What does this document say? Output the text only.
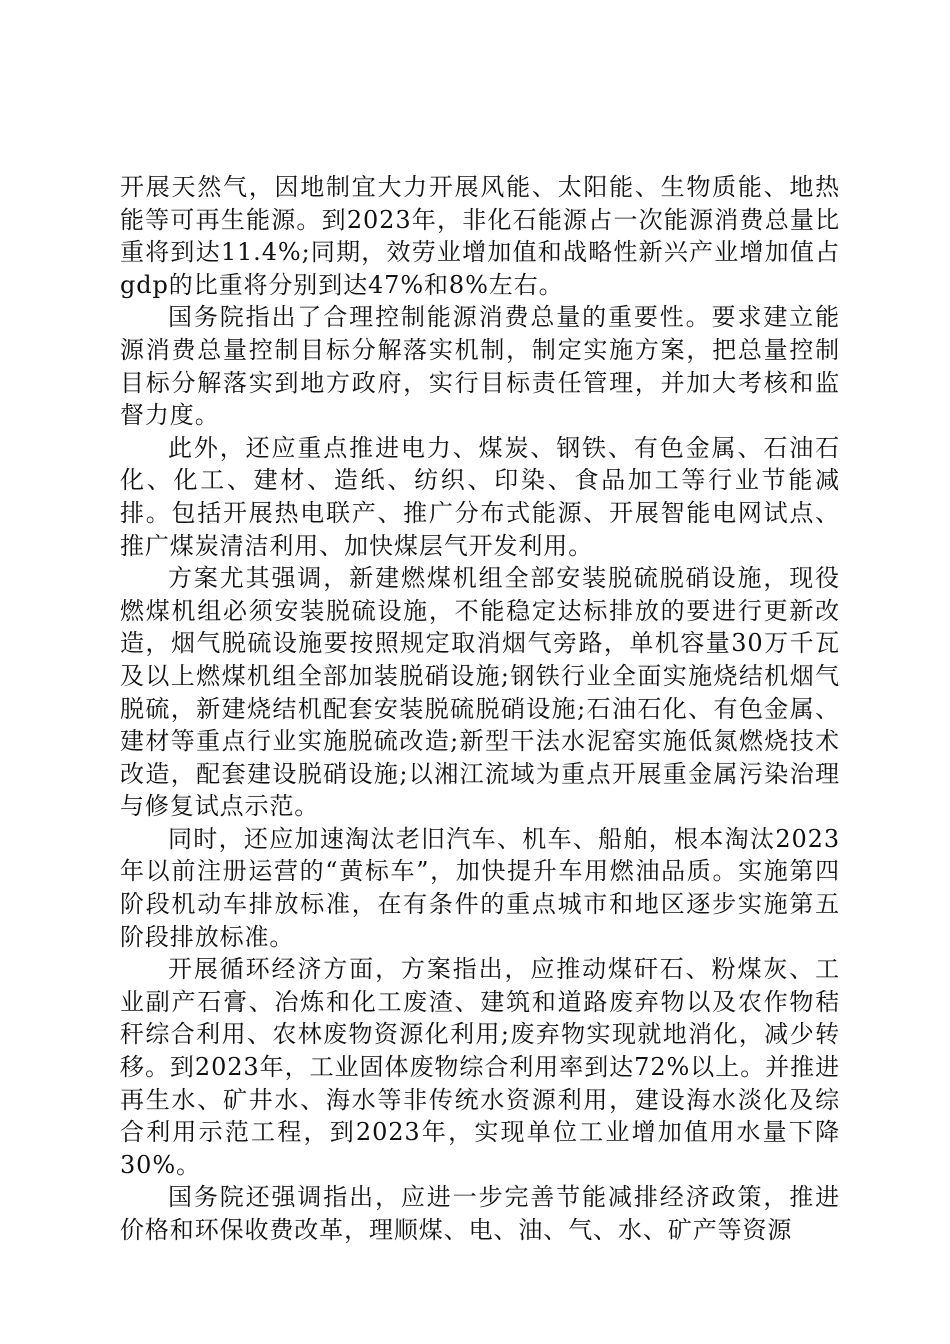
开展天然气，因地制宜大力开展风能、太阳能、生物质能、地热能等可再生能源。到2023年，非化石能源占一次能源消费总量比重将到达11.4%;同期，效劳业增加值和战略性新兴产业增加值占gdp的比重将分别到达47%和8%左右。

国务院指出了合理控制能源消费总量的重要性。要求建立能源消费总量控制目标分解落实机制，制定实施方案，把总量控制目标分解落实到地方政府，实行目标责任管理，并加大考核和监督力度。

此外，还应重点推进电力、煤炭、钢铁、有色金属、石油石化、化工、建材、造纸、纺织、印染、食品加工等行业节能减排。包括开展热电联产、推广分布式能源、开展智能电网试点、推广煤炭清洁利用、加快煤层气开发利用。

方案尤其强调，新建燃煤机组全部安装脱硫脱硝设施，现役燃煤机组必须安装脱硫设施，不能稳定达标排放的要进行更新改造，烟气脱硫设施要按照规定取消烟气旁路，单机容量30万千瓦及以上燃煤机组全部加装脱硝设施;钢铁行业全面实施烧结机烟气脱硫，新建烧结机配套安装脱硫脱硝设施;石油石化、有色金属、建材等重点行业实施脱硫改造;新型干法水泥窑实施低氮燃烧技术改造，配套建设脱硝设施;以湘江流域为重点开展重金属污染治理与修复试点示范。

同时，还应加速淘汰老旧汽车、机车、船舶，根本淘汰2023年以前注册运营的“黄标车”，加快提升车用燃油品质。实施第四阶段机动车排放标准，在有条件的重点城市和地区逐步实施第五阶段排放标准。

开展循环经济方面，方案指出，应推动煤矸石、粉煤灰、工业副产石膏、冶炼和化工废渣、建筑和道路废弃物以及农作物秸秆综合利用、农林废物资源化利用;废弃物实现就地消化，减少转移。到2023年，工业固体废物综合利用率到达72%以上。并推进再生水、矿井水、海水等非传统水资源利用，建设海水淡化及综合利用示范工程，到2023年，实现单位工业增加值用水量下降30%。

国务院还强调指出，应进一步完善节能减排经济政策，推进价格和环保收费改革，理顺煤、电、油、气、水、矿产等资源
